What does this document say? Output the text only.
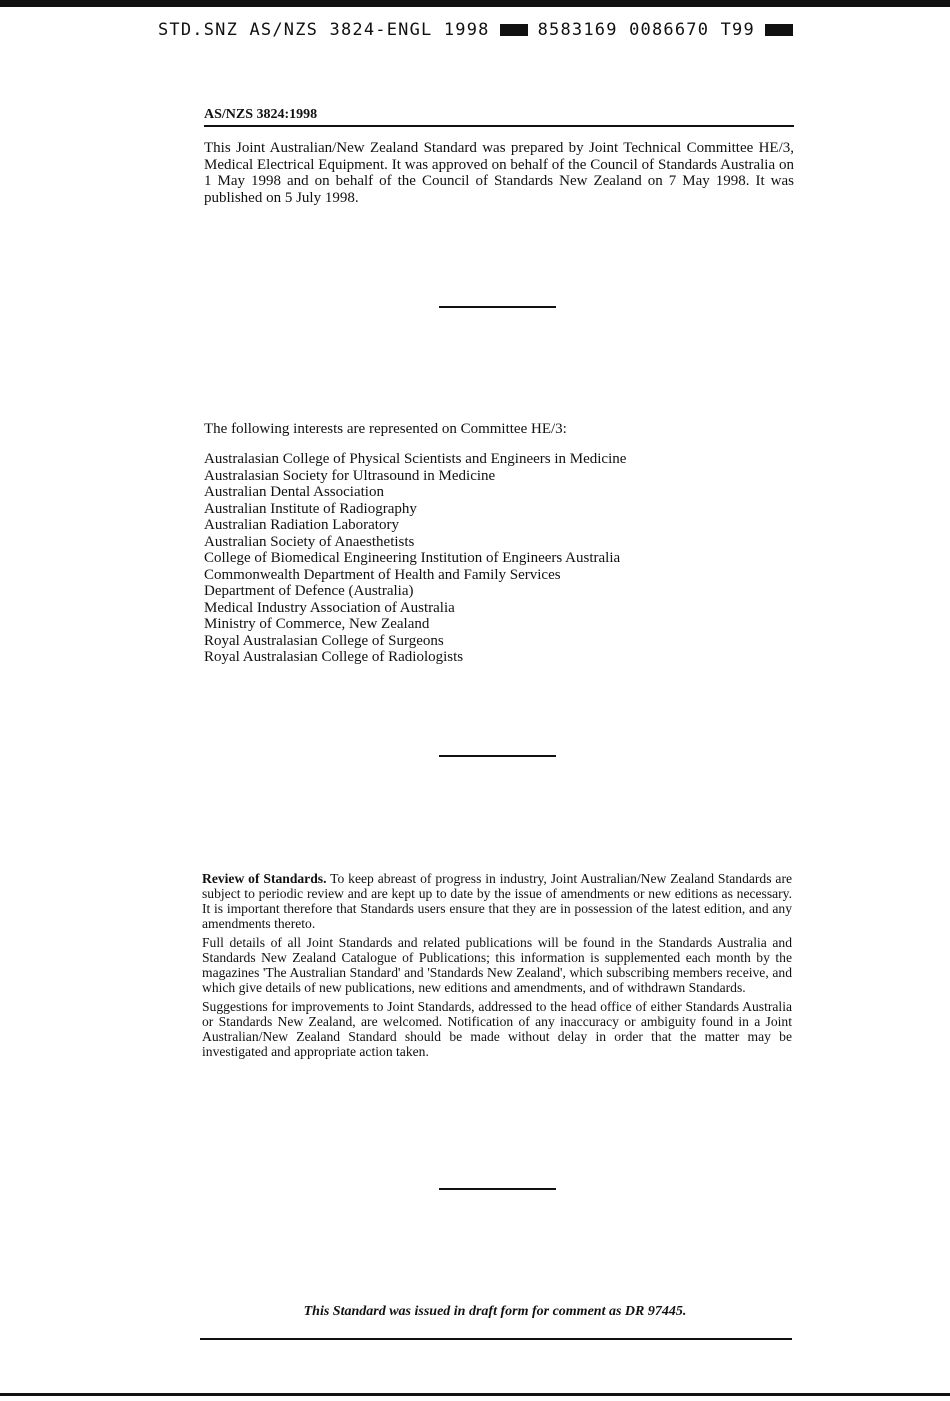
STD.SNZ AS/NZS 3824-ENGL 1998	8583169 0086670 T99
AS/NZS 3824:1998

This Joint Australian/New Zealand Standard was prepared by Joint Technical Committee HE/3, Medical Electrical Equipment. It was approved on behalf of the Council of Standards Australia on 1 May 1998 and on behalf of the Council of Standards New Zealand on 7 May 1998. It was published on 5 July 1998.

The following interests are represented on Committee HE/3:

Australasian College of Physical Scientists and Engineers in Medicine
Australasian Society for Ultrasound in Medicine
Australian Dental Association
Australian Institute of Radiography
Australian Radiation Laboratory
Australian Society of Anaesthetists
College of Biomedical Engineering Institution of Engineers Australia
Commonwealth Department of Health and Family Services
Department of Defence (Australia)
Medical Industry Association of Australia
Ministry of Commerce, New Zealand
Royal Australasian College of Surgeons
Royal Australasian College of Radiologists

Review of Standards. To keep abreast of progress in industry, Joint Australian/New Zealand Standards are subject to periodic review and are kept up to date by the issue of amendments or new editions as necessary. It is important therefore that Standards users ensure that they are in possession of the latest edition, and any amendments thereto.

Full details of all Joint Standards and related publications will be found in the Standards Australia and Standards New Zealand Catalogue of Publications; this information is supplemented each month by the magazines 'The Australian Standard' and 'Standards New Zealand', which subscribing members receive, and which give details of new publications, new editions and amendments, and of withdrawn Standards.

Suggestions for improvements to Joint Standards, addressed to the head office of either Standards Australia or Standards New Zealand, are welcomed. Notification of any inaccuracy or ambiguity found in a Joint Australian/New Zealand Standard should be made without delay in order that the matter may be investigated and appropriate action taken.

This Standard was issued in draft form for comment as DR 97445.
